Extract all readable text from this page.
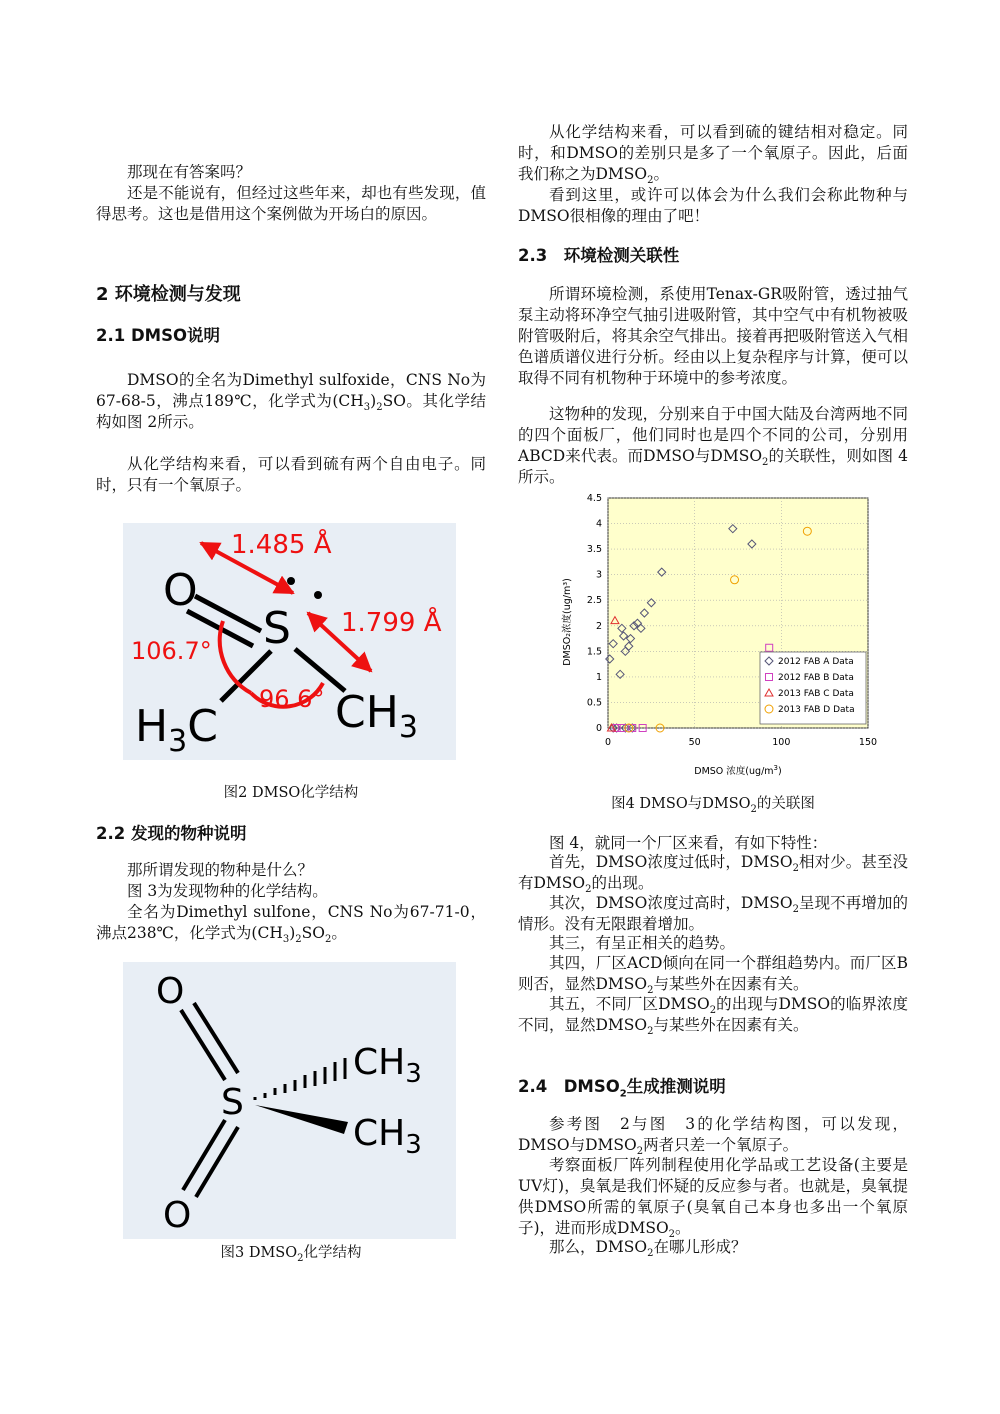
那现在有答案吗？

还是不能说有，但经过这些年来，却也有些发现，值得思考。这也是借用这个案例做为开场白的原因。

2 环境检测与发现
2.1 DMSO说明

DMSO的全名为Dimethyl sulfoxide，CNS No为67-68-5，沸点189℃，化学式为$(CH_3)_2SO$。其化学结构如图 2所示。

从化学结构来看，可以看到硫有两个自由电子。同时，只有一个氧原子。

1.485 Å
1.799 Å
106.7°
96.6°
O
S
$H_3C$	$CH_3$
图2 DMSO化学结构
2.2 发现的物种说明

那所谓发现的物种是什么？

图 3为发现物种的化学结构。

全名为Dimethyl sulfone，CNS No为67-71-0，沸点238℃，化学式为$(CH_3)_2SO_2$。

O
S
O
$CH_3$
$CH_3$
图3 $DMSO_2$化学结构

从化学结构来看，可以看到硫的键结相对稳定。同时，和DMSO的差别只是多了一个氧原子。因此，后面我们称之为$DMSO_2$。

看到这里，或许可以体会为什么我们会称此物种与DMSO很相像的理由了吧！

2.3　环境检测关联性

所谓环境检测，系使用Tenax-GR吸附管，透过抽气泵主动将环净空气抽引进吸附管，其中空气中有机物被吸附管吸附后，将其余空气排出。接着再把吸附管送入气相色谱质谱仪进行分析。经由以上复杂程序与计算，便可以取得不同有机物种于环境中的参考浓度。

这物种的发现，分别来自于中国大陆及台湾两地不同的四个面板厂，他们同时也是四个不同的公司，分别用ABCD来代表。而DMSO与$DMSO_2$的关联性，则如图 4所示。

0
0.5
1
1.5
2
2.5
3
3.5
4
4.5
0	50	100	150
2012 FAB A Data
2012 FAB B Data
2013 FAB C Data
2013 FAB D Data
DMSO₂浓度(ug/m³)
DMSO 浓度$(ug/m^3)$
图4 DMSO与$DMSO_2$的关联图

图 4，就同一个厂区来看，有如下特性：

首先，DMSO浓度过低时，$DMSO_2$相对少。甚至没有$DMSO_2$的出现。

其次，DMSO浓度过高时，$DMSO_2$呈现不再增加的情形。没有无限跟着增加。

其三，有呈正相关的趋势。

其四，厂区ACD倾向在同一个群组趋势内。而厂区B则否，显然$DMSO_2$与某些外在因素有关。

其五，不同厂区$DMSO_2$的出现与DMSO的临界浓度不同，显然$DMSO_2$与某些外在因素有关。

2.4　$DMSO_2$生成推测说明

参考图　2与图　3的化学结构图，可以发现，DMSO与$DMSO_2$两者只差一个氧原子。

考察面板厂阵列制程使用化学品或工艺设备(主要是UV灯)，臭氧是我们怀疑的反应参与者。也就是，臭氧提供DMSO所需的氧原子(臭氧自己本身也多出一个氧原子)，进而形成$DMSO_2$。

那么，$DMSO_2$在哪儿形成？
